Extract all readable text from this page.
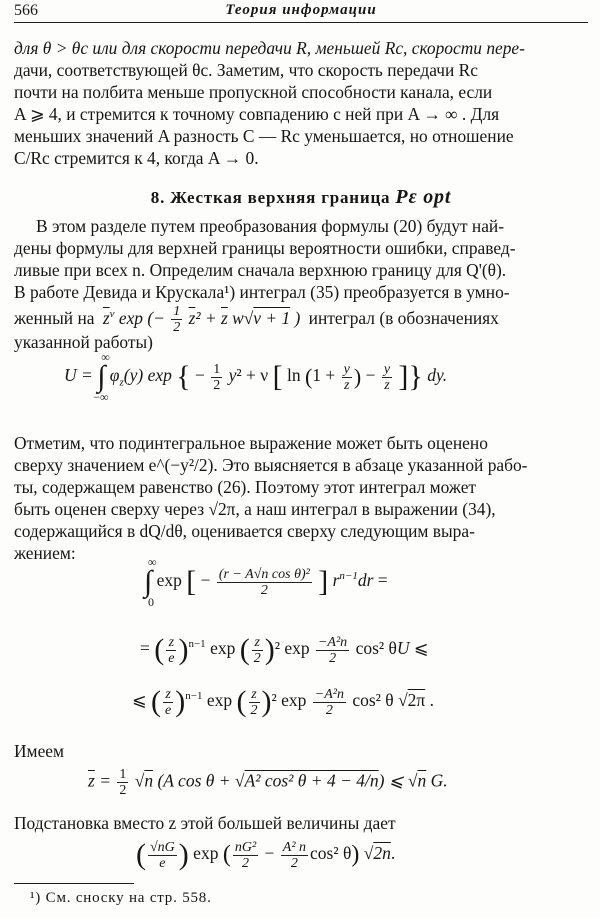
566	Теория информации
для θ > θc или для скорости передачи R, меньшей Rc, скорости пере-
дачи, соответствующей θc. Заметим, что скорость передачи Rc
почти на полбита меньше пропускной способности канала, если
A ⩾ 4, и стремится к точному совпадению с ней при A → ∞ . Для
меньших значений A разность C — Rc уменьшается, но отношение
C/Rc стремится к 4, когда A → 0.
8. Жесткая верхняя граница Pε opt
В этом разделе путем преобразования формулы (20) будут най-
дены формулы для верхней границы вероятности ошибки, справед-
ливые при всех n. Определим сначала верхнюю границу для Q'(θ).
В работе Девида и Крускала¹) интеграл (35) преобразуется в умно-
женный на $\overline{z}^\nu$ exp (− $\frac{1}{2} \overline{z}^2 + \overline{z}$ w√ν + 1 ) интеграл (в обозначениях
указанной работы)
U = ∫
∞
−∞
$\varphi_z(y)$ exp { − $\frac{1}{2} y^2 + \nu$ [ $\ln (1 + \frac{y}{z}$ ) − $\frac{y}{z}$ ]} dy.
Отметим, что подинтегральное выражение может быть оценено
сверху значением e^(−y²/2). Это выясняется в абзаце указанной рабо-
ты, содержащем равенство (26). Поэтому этот интеграл может
быть оценен сверху через √2π, а наш интеграл в выражении (34),
содержащийся в dQ/dθ, оценивается сверху следующим выра-
жением:
∫
∞
0
exp [ − $\frac{\text{(r − A√n cos θ)²}}{2}$ ] $r^{n-1}dr$ =
= ( $\frac{z}{e} )^{n-1}$ exp ( $\frac{z}{2} )^2$ $\exp \frac{\text{−A²n}}{2} \cos^2$ θU ⩽
⩽ ( $\frac{z}{e} )^{n-1}$ exp ( $\frac{z}{2} )^2$ $\exp \frac{\text{−A²n}}{2} \cos^2$ θ √2π .
Имеем
$\overline{z} = \frac{1}{2} √n$ (A cos θ + √A² cos² θ + 4 − 4/n) ⩽ √n G.
Подстановка вместо z этой большей величины дает
( $\frac{√nG}{e}$ ) exp ( $\frac{\text{nG²}}{2} - \frac{\text{A² n}}{2} \cos^2$ θ) √2n.
¹) См. сноску на стр. 558.
